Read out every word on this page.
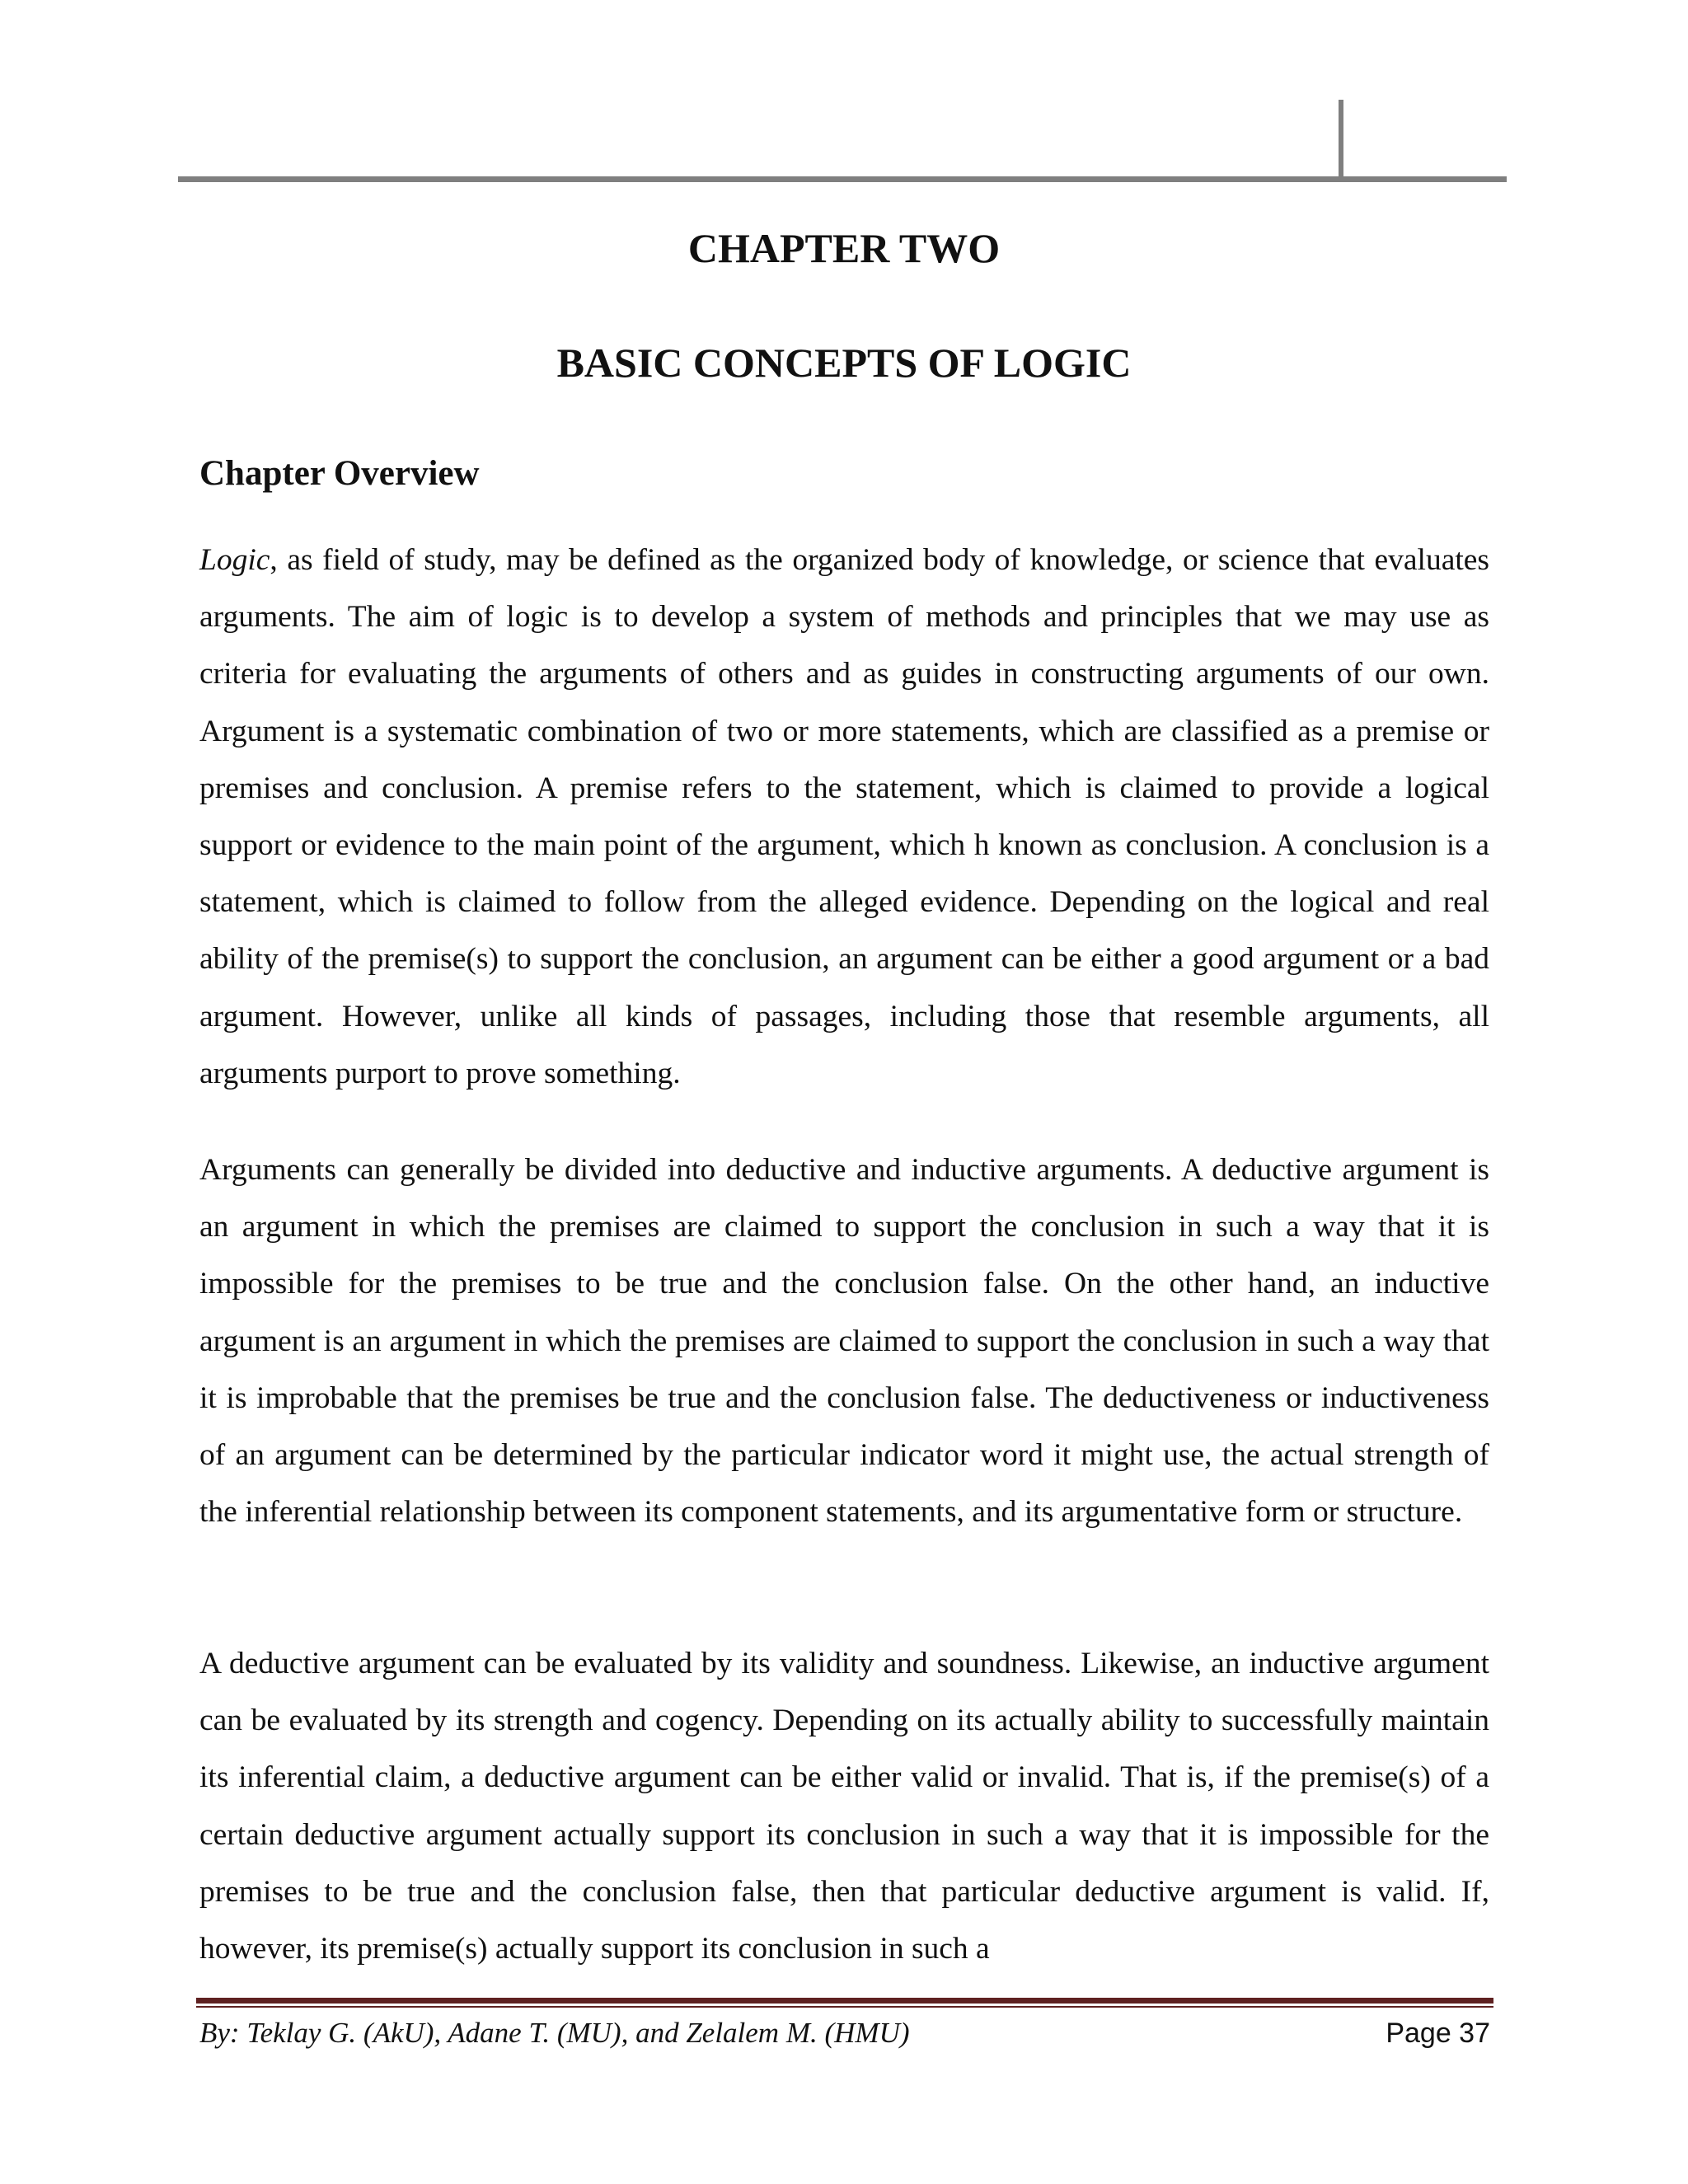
CHAPTER TWO
BASIC CONCEPTS OF LOGIC
Chapter Overview

Logic, as field of study, may be defined as the organized body of knowledge, or science that evaluates arguments. The aim of logic is to develop a system of methods and principles that we may use as criteria for evaluating the arguments of others and as guides in constructing arguments of our own. Argument is a systematic combination of two or more statements, which are classified as a premise or premises and conclusion. A premise refers to the statement, which is claimed to provide a logical support or evidence to the main point of the argument, which h known as conclusion. A conclusion is a statement, which is claimed to follow from the alleged evidence. Depending on the logical and real ability of the premise(s) to support the conclusion, an argument can be either a good argument or a bad argument. However, unlike all kinds of passages, including those that resemble arguments, all arguments purport to prove something.

Arguments can generally be divided into deductive and inductive arguments. A deductive argument is an argument in which the premises are claimed to support the conclusion in such a way that it is impossible for the premises to be true and the conclusion false. On the other hand, an inductive argument is an argument in which the premises are claimed to support the conclusion in such a way that it is improbable that the premises be true and the conclusion false. The deductiveness or inductiveness of an argument can be determined by the particular indicator word it might use, the actual strength of the inferential relationship between its component statements, and its argumentative form or structure.

A deductive argument can be evaluated by its validity and soundness. Likewise, an inductive argument can be evaluated by its strength and cogency. Depending on its actually ability to successfully maintain its inferential claim, a deductive argument can be either valid or invalid. That is, if the premise(s) of a certain deductive argument actually support its conclusion in such a way that it is impossible for the premises to be true and the conclusion false, then that particular deductive argument is valid. If, however, its premise(s) actually support its conclusion in such a

By: Teklay G. (AkU), Adane T. (MU), and Zelalem M. (HMU)	Page 37
